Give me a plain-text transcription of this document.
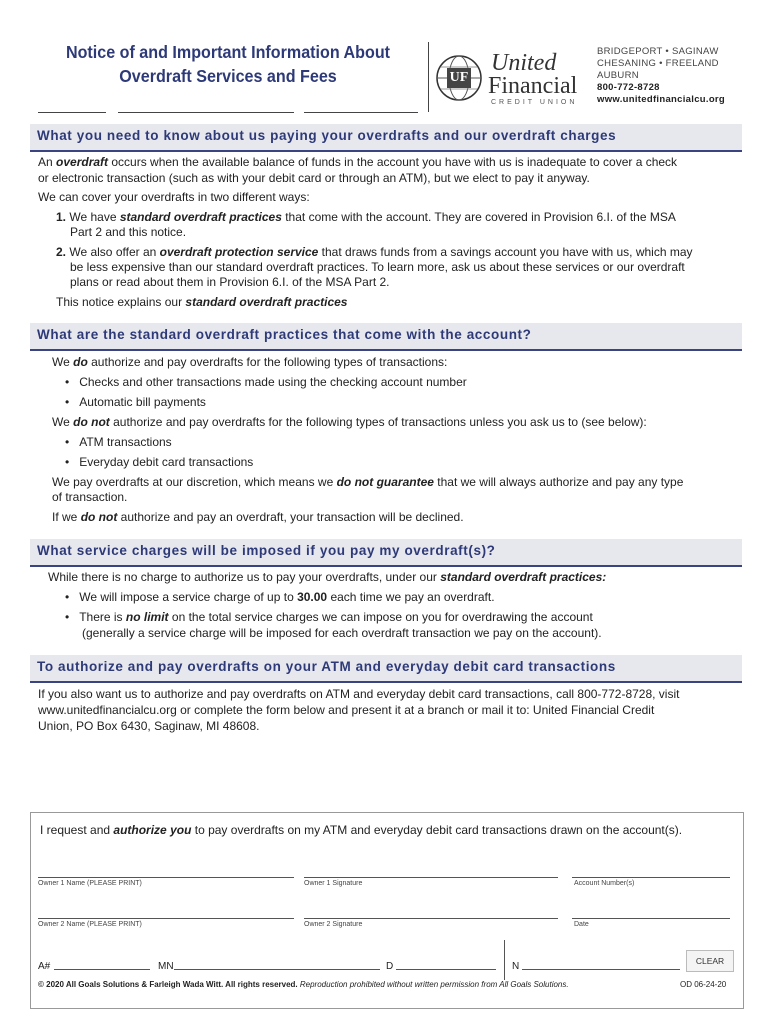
Notice of and Important Information About
Overdraft Services and Fees	UF
United
Financial
CREDIT UNION
BRIDGEPORT • SAGINAW
CHESANING • FREELAND
AUBURN
800-772-8728
www.unitedfinancialcu.org
What you need to know about us paying your overdrafts and our overdraft charges
An overdraft occurs when the available balance of funds in the account you have with us is inadequate to cover a check
or electronic transaction (such as with your debit card or through an ATM), but we elect to pay it anyway.
We can cover your overdrafts in two different ways:
1. We have standard overdraft practices that come with the account. They are covered in Provision 6.I. of the MSA
Part 2 and this notice.
2. We also offer an overdraft protection service that draws funds from a savings account you have with us, which may
be less expensive than our standard overdraft practices. To learn more, ask us about these services or our overdraft
plans or read about them in Provision 6.I. of the MSA Part 2.
This notice explains our standard overdraft practices
What are the standard overdraft practices that come with the account?
We do authorize and pay overdrafts for the following types of transactions:
• Checks and other transactions made using the checking account number
• Automatic bill payments
We do not authorize and pay overdrafts for the following types of transactions unless you ask us to (see below):
• ATM transactions
• Everyday debit card transactions
We pay overdrafts at our discretion, which means we do not guarantee that we will always authorize and pay any type
of transaction.
If we do not authorize and pay an overdraft, your transaction will be declined.
What service charges will be imposed if you pay my overdraft(s)?
While there is no charge to authorize us to pay your overdrafts, under our standard overdraft practices:
• We will impose a service charge of up to 30.00 each time we pay an overdraft.
• There is no limit on the total service charges we can impose on you for overdrawing the account
(generally a service charge will be imposed for each overdraft transaction we pay on the account).
To authorize and pay overdrafts on your ATM and everyday debit card transactions
If you also want us to authorize and pay overdrafts on ATM and everyday debit card transactions, call 800-772-8728, visit
www.unitedfinancialcu.org or complete the form below and present it at a branch or mail it to: United Financial Credit
Union, PO Box 6430, Saginaw, MI 48608.
I request and authorize you to pay overdrafts on my ATM and everyday debit card transactions drawn on the account(s).
Owner 1 Name (PLEASE PRINT)	Owner 1 Signature	Account Number(s)
Owner 2 Name (PLEASE PRINT)	Owner 2 Signature	Date
A#	MN	D	N	CLEAR
© 2020 All Goals Solutions & Farleigh Wada Witt. All rights reserved. Reproduction prohibited without written permission from All Goals Solutions.	OD 06-24-20
